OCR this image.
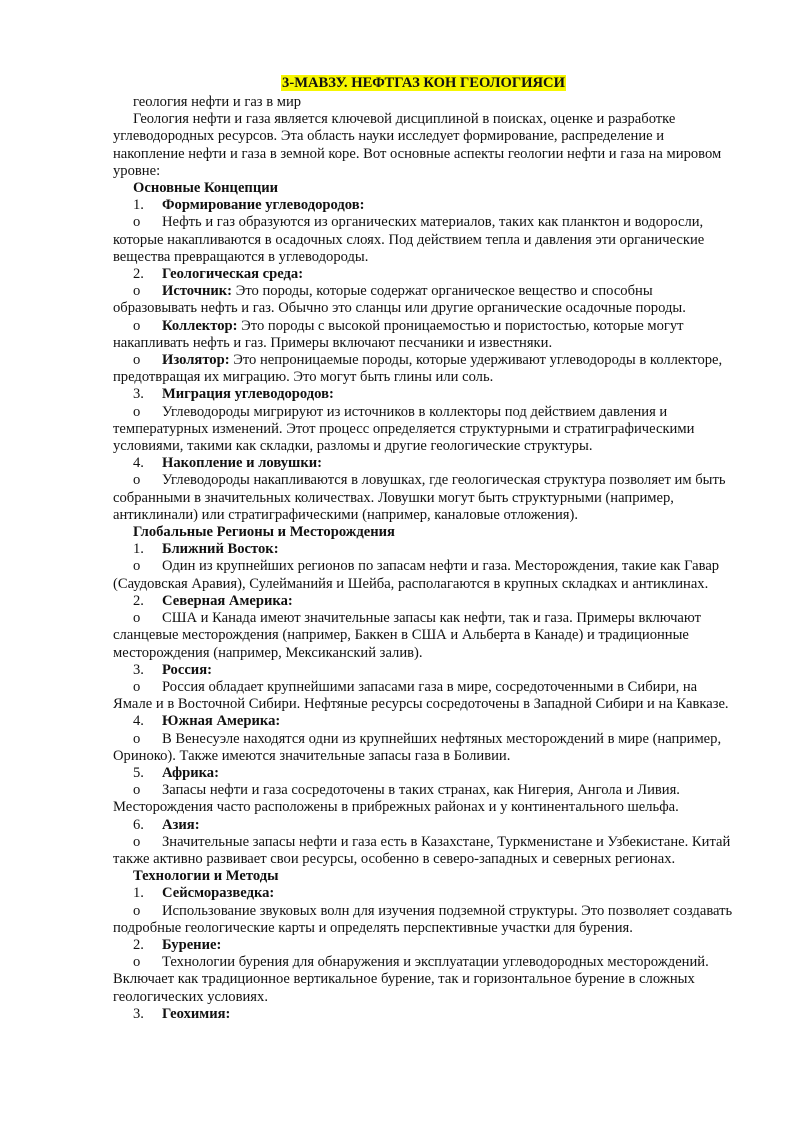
3-МАВЗУ. НЕФТГАЗ КОН ГЕОЛОГИЯСИ

геология нефти и газ в мир

Геология нефти и газа является ключевой дисциплиной в поисках, оценке и разработке углеводородных ресурсов. Эта область науки исследует формирование, распределение и накопление нефти и газа в земной коре. Вот основные аспекты геологии нефти и газа на мировом уровне:

Основные Концепции

1. Формирование углеводородов:

o Нефть и газ образуются из органических материалов, таких как планктон и водоросли, которые накапливаются в осадочных слоях. Под действием тепла и давления эти органические вещества превращаются в углеводороды.

2. Геологическая среда:

o Источник: Это породы, которые содержат органическое вещество и способны образовывать нефть и газ. Обычно это сланцы или другие органические осадочные породы.

o Коллектор: Это породы с высокой проницаемостью и пористостью, которые могут накапливать нефть и газ. Примеры включают песчаники и известняки.

o Изолятор: Это непроницаемые породы, которые удерживают углеводороды в коллекторе, предотвращая их миграцию. Это могут быть глины или соль.

3. Миграция углеводородов:

o Углеводороды мигрируют из источников в коллекторы под действием давления и температурных изменений. Этот процесс определяется структурными и стратиграфическими условиями, такими как складки, разломы и другие геологические структуры.

4. Накопление и ловушки:

o Углеводороды накапливаются в ловушках, где геологическая структура позволяет им быть собранными в значительных количествах. Ловушки могут быть структурными (например, антиклинали) или стратиграфическими (например, каналовые отложения).

Глобальные Регионы и Месторождения

1. Ближний Восток:

o Один из крупнейших регионов по запасам нефти и газа. Месторождения, такие как Гавар (Саудовская Аравия), Сулейманийя и Шейба, располагаются в крупных складках и антиклинах.

2. Северная Америка:

o США и Канада имеют значительные запасы как нефти, так и газа. Примеры включают сланцевые месторождения (например, Баккен в США и Альберта в Канаде) и традиционные месторождения (например, Мексиканский залив).

3. Россия:

o Россия обладает крупнейшими запасами газа в мире, сосредоточенными в Сибири, на Ямале и в Восточной Сибири. Нефтяные ресурсы сосредоточены в Западной Сибири и на Кавказе.

4. Южная Америка:

o В Венесуэле находятся одни из крупнейших нефтяных месторождений в мире (например, Ориноко). Также имеются значительные запасы газа в Боливии.

5. Африка:

o Запасы нефти и газа сосредоточены в таких странах, как Нигерия, Ангола и Ливия. Месторождения часто расположены в прибрежных районах и у континентального шельфа.

6. Азия:

o Значительные запасы нефти и газа есть в Казахстане, Туркменистане и Узбекистане. Китай также активно развивает свои ресурсы, особенно в северо-западных и северных регионах.

Технологии и Методы

1. Сейсморазведка:

o Использование звуковых волн для изучения подземной структуры. Это позволяет создавать подробные геологические карты и определять перспективные участки для бурения.

2. Бурение:

o Технологии бурения для обнаружения и эксплуатации углеводородных месторождений. Включает как традиционное вертикальное бурение, так и горизонтальное бурение в сложных геологических условиях.

3. Геохимия:
